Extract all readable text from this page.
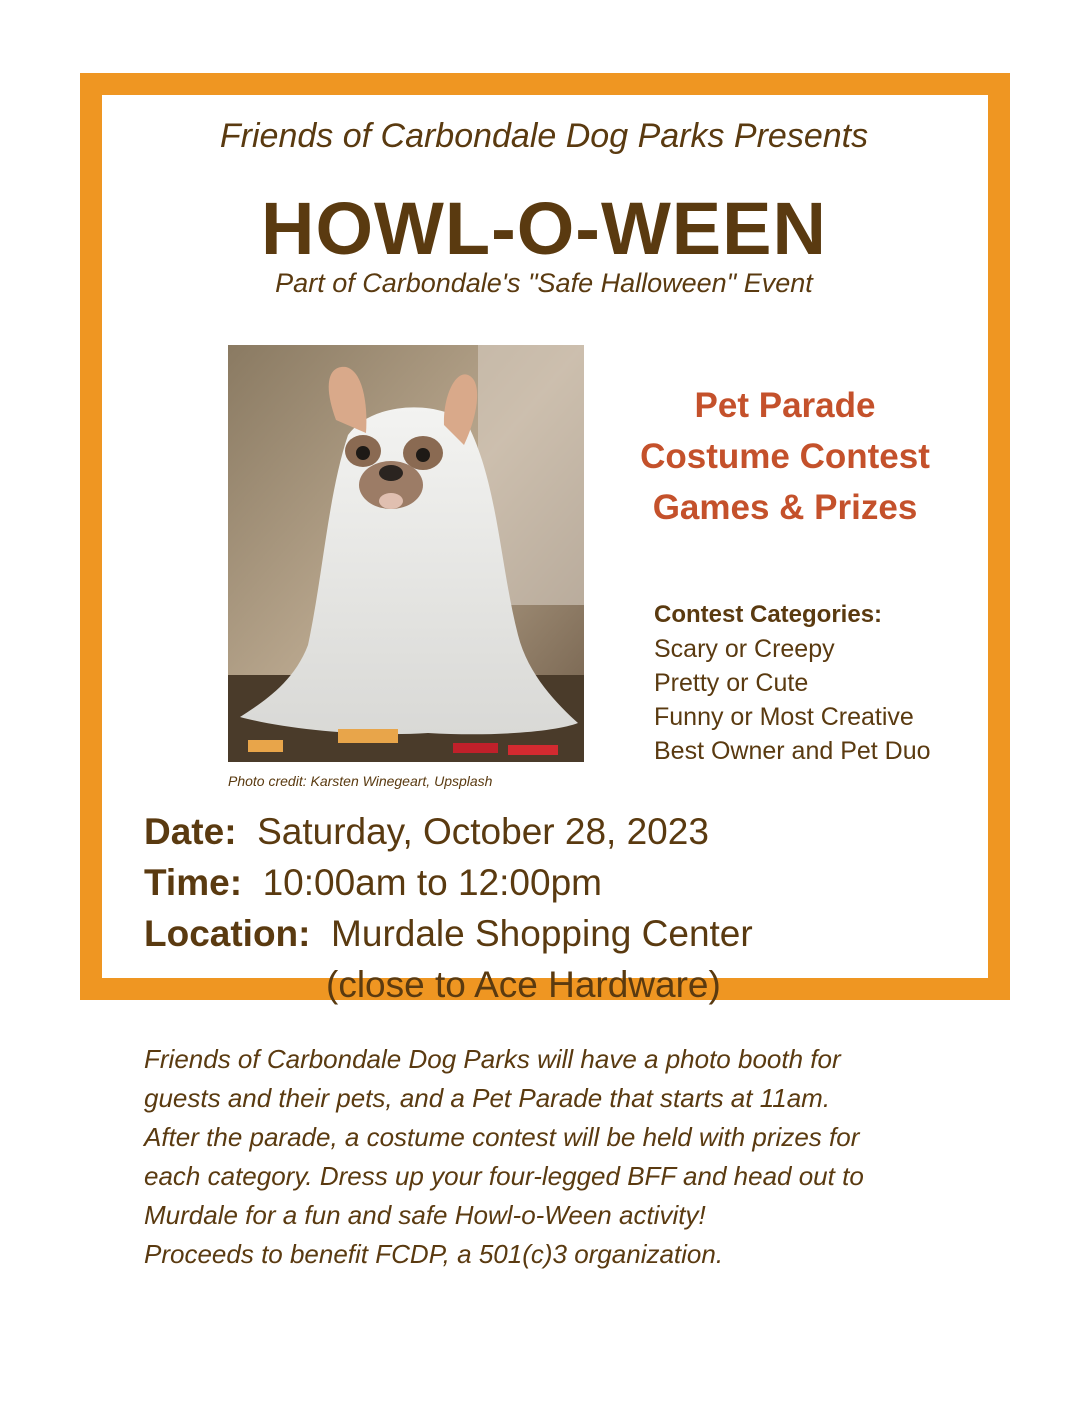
Friends of Carbondale Dog Parks Presents
HOWL-O-WEEN
Part of Carbondale's "Safe Halloween" Event
Photo credit: Karsten Winegeart, Upsplash
Pet Parade
Costume Contest
Games & Prizes
Contest Categories:
Scary or Creepy
Pretty or Cute
Funny or Most Creative
Best Owner and Pet Duo
Date: Saturday, October 28, 2023
Time: 10:00am to 12:00pm
Location: Murdale Shopping Center
(close to Ace Hardware)
Friends of Carbondale Dog Parks will have a photo booth for
guests and their pets, and a Pet Parade that starts at 11am.
After the parade, a costume contest will be held with prizes for
each category. Dress up your four-legged BFF and head out to
Murdale for a fun and safe Howl-o-Ween activity!
Proceeds to benefit FCDP, a 501(c)3 organization.
